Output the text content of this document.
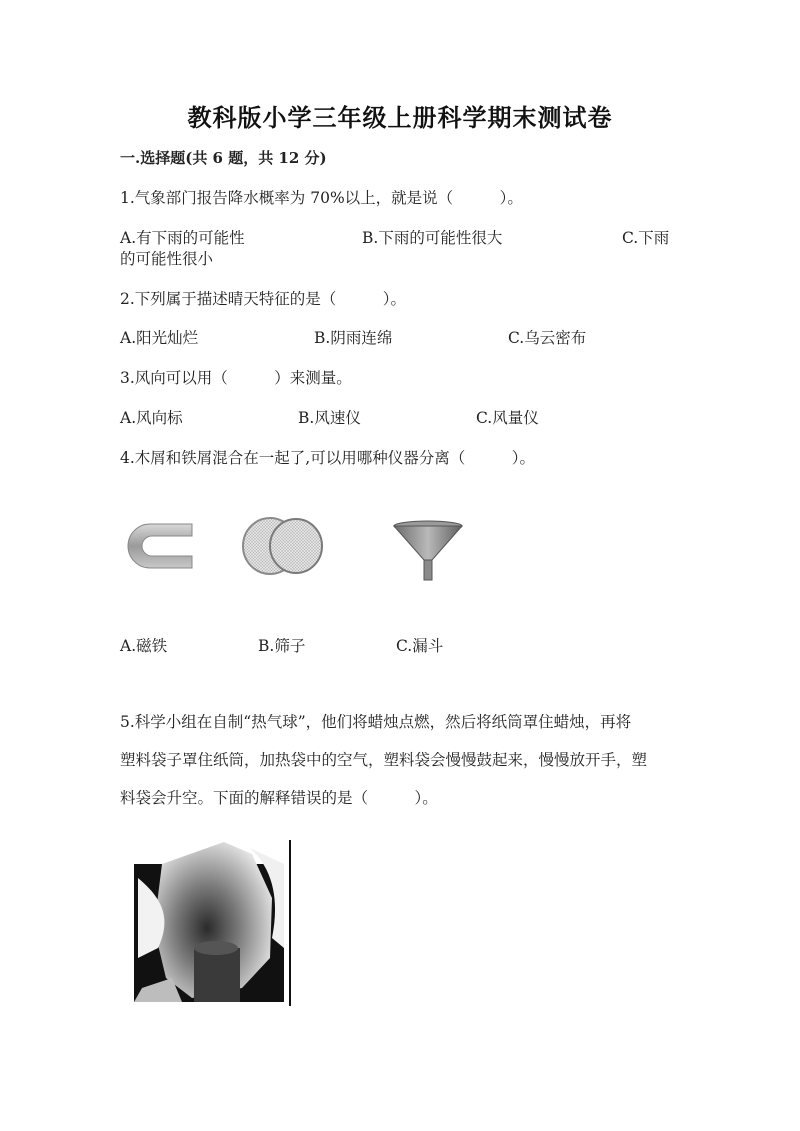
教科版小学三年级上册科学期末测试卷
一.选择题(共 6 题，共 12 分)
1.气象部门报告降水概率为 70%以上，就是说（　　　）。
A.有下雨的可能性	B.下雨的可能性很大	C.下雨
的可能性很小
2.下列属于描述晴天特征的是（　　　）。
A.阳光灿烂	B.阴雨连绵	C.乌云密布
3.风向可以用（　　　）来测量。
A.风向标	B.风速仪	C.风量仪
4.木屑和铁屑混合在一起了,可以用哪种仪器分离（　　　）。
A.磁铁	B.筛子	C.漏斗
5.科学小组在自制“热气球”，他们将蜡烛点燃，然后将纸筒罩住蜡烛，再将
塑料袋子罩住纸筒，加热袋中的空气，塑料袋会慢慢鼓起来，慢慢放开手，塑
料袋会升空。下面的解释错误的是（　　　）。
